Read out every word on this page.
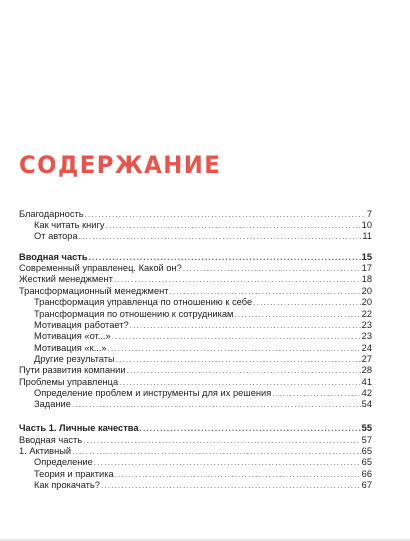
СОДЕРЖАНИЕ
Благодарность .....	7
Как читать книгу .....	10
От автора .....	11
Вводная часть .....	15
Современный управленец. Какой он? .....	17
Жесткий менеджмент .....	18
Трансформационный менеджмент .....	20
Трансформация управленца по отношению к себе .....	20
Трансформация по отношению к сотрудникам .....	22
Мотивация работает? .....	23
Мотивация «от...» .....	23
Мотивация «к...» .....	24
Другие результаты .....	27
Пути развития компании .....	28
Проблемы управленца .....	41
Определение проблем и инструменты для их решения .....	42
Задание .....	54
Часть 1. Личные качества .....	55
Вводная часть .....	57
1. Активный .....	65
Определение .....	65
Теория и практика .....	66
Как прокачать? .....	67
